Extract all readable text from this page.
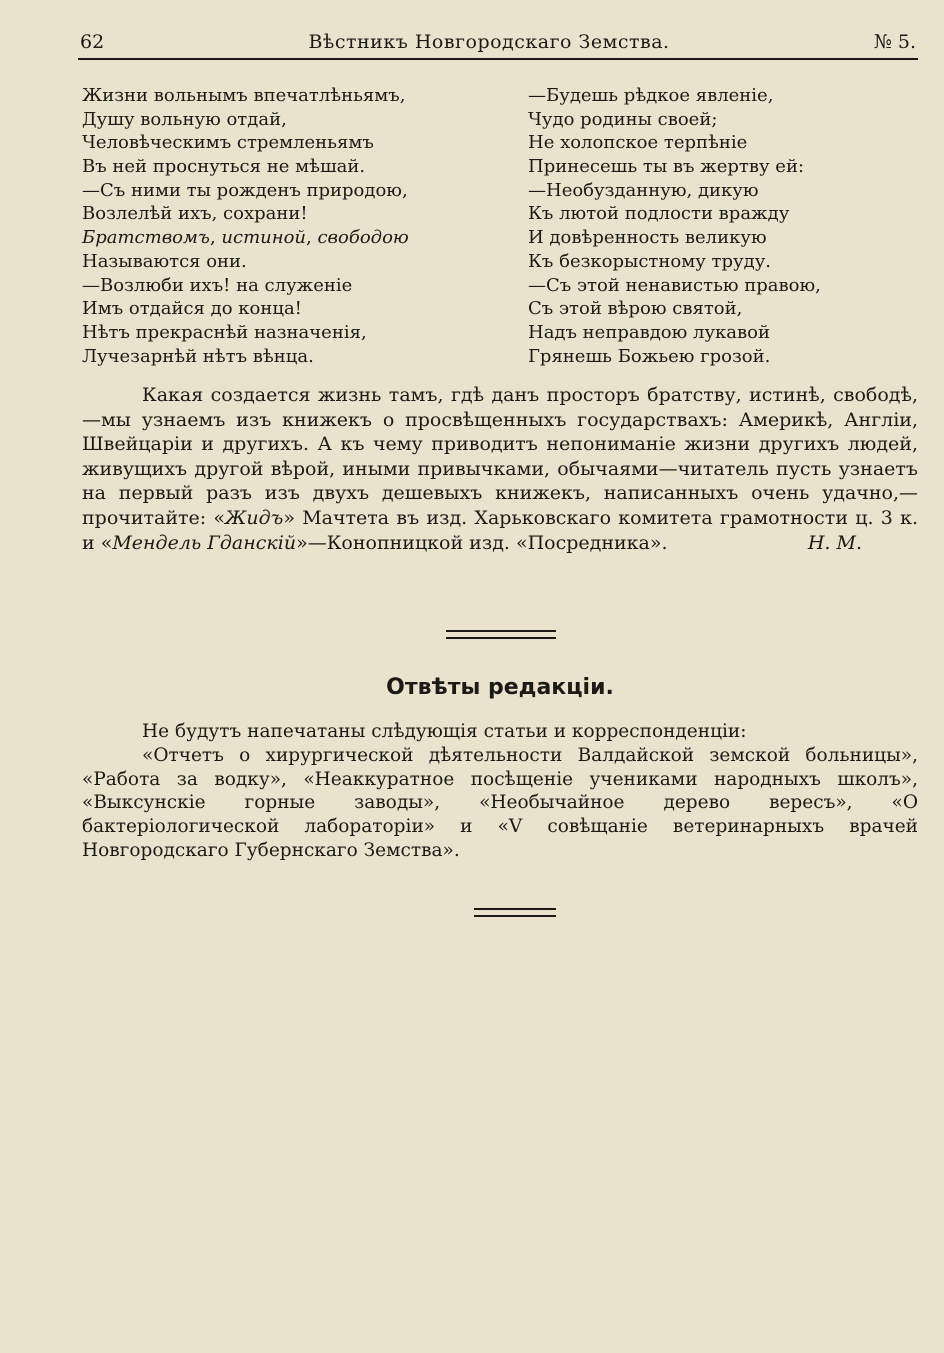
62	Вѣстникъ Новгородскаго Земства.	№ 5.
Жизни вольнымъ впечатлѣньямъ,
Душу вольную отдай,
Человѣческимъ стремленьямъ
Въ ней проснуться не мѣшай.
—Съ ними ты рожденъ природою,
Возлелѣй ихъ, сохрани!
Братствомъ, истиной, свободою
Называются они.
—Возлюби ихъ! на служеніе
Имъ отдайся до конца!
Нѣтъ прекраснѣй назначенія,
Лучезарнѣй нѣтъ вѣнца.
—Будешь рѣдкое явленіе,
Чудо родины своей;
Не холопское терпѣніе
Принесешь ты въ жертву ей:
—Необузданную, дикую
Къ лютой подлости вражду
И довѣренность великую
Къ безкорыстному труду.
—Съ этой ненавистью правою,
Съ этой вѣрою святой,
Надъ неправдою лукавой
Грянешь Божьею грозой.
Какая создается жизнь тамъ, гдѣ данъ просторъ братству, истинѣ, свободѣ,—мы узнаемъ изъ книжекъ о просвѣщенныхъ государствахъ: Америкѣ, Англіи, Швейцаріи и другихъ. А къ чему приводитъ непониманіе жизни другихъ людей, живущихъ другой вѣрой, иными привычками, обычаями—читатель пусть узнаетъ на первый разъ изъ двухъ дешевыхъ книжекъ, написанныхъ очень удачно,—прочитайте: «Жидъ» Мачтета въ изд. Харьковскаго комитета грамотности ц. 3 к. и «Мендель Гданскій»—Конопницкой изд. «Посредника».	Н. М.
Отвѣты редакціи.
Не будутъ напечатаны слѣдующія статьи и корреспонденціи:
«Отчетъ о хирургической дѣятельности Валдайской земской больницы», «Работа за водку», «Неаккуратное посѣщеніе учениками народныхъ школъ», «Выксунскіе горные заводы», «Необычайное дерево вересъ», «О бактеріологической лабораторіи» и «V совѣщаніе ветеринарныхъ врачей Новгородскаго Губернскаго Земства».
